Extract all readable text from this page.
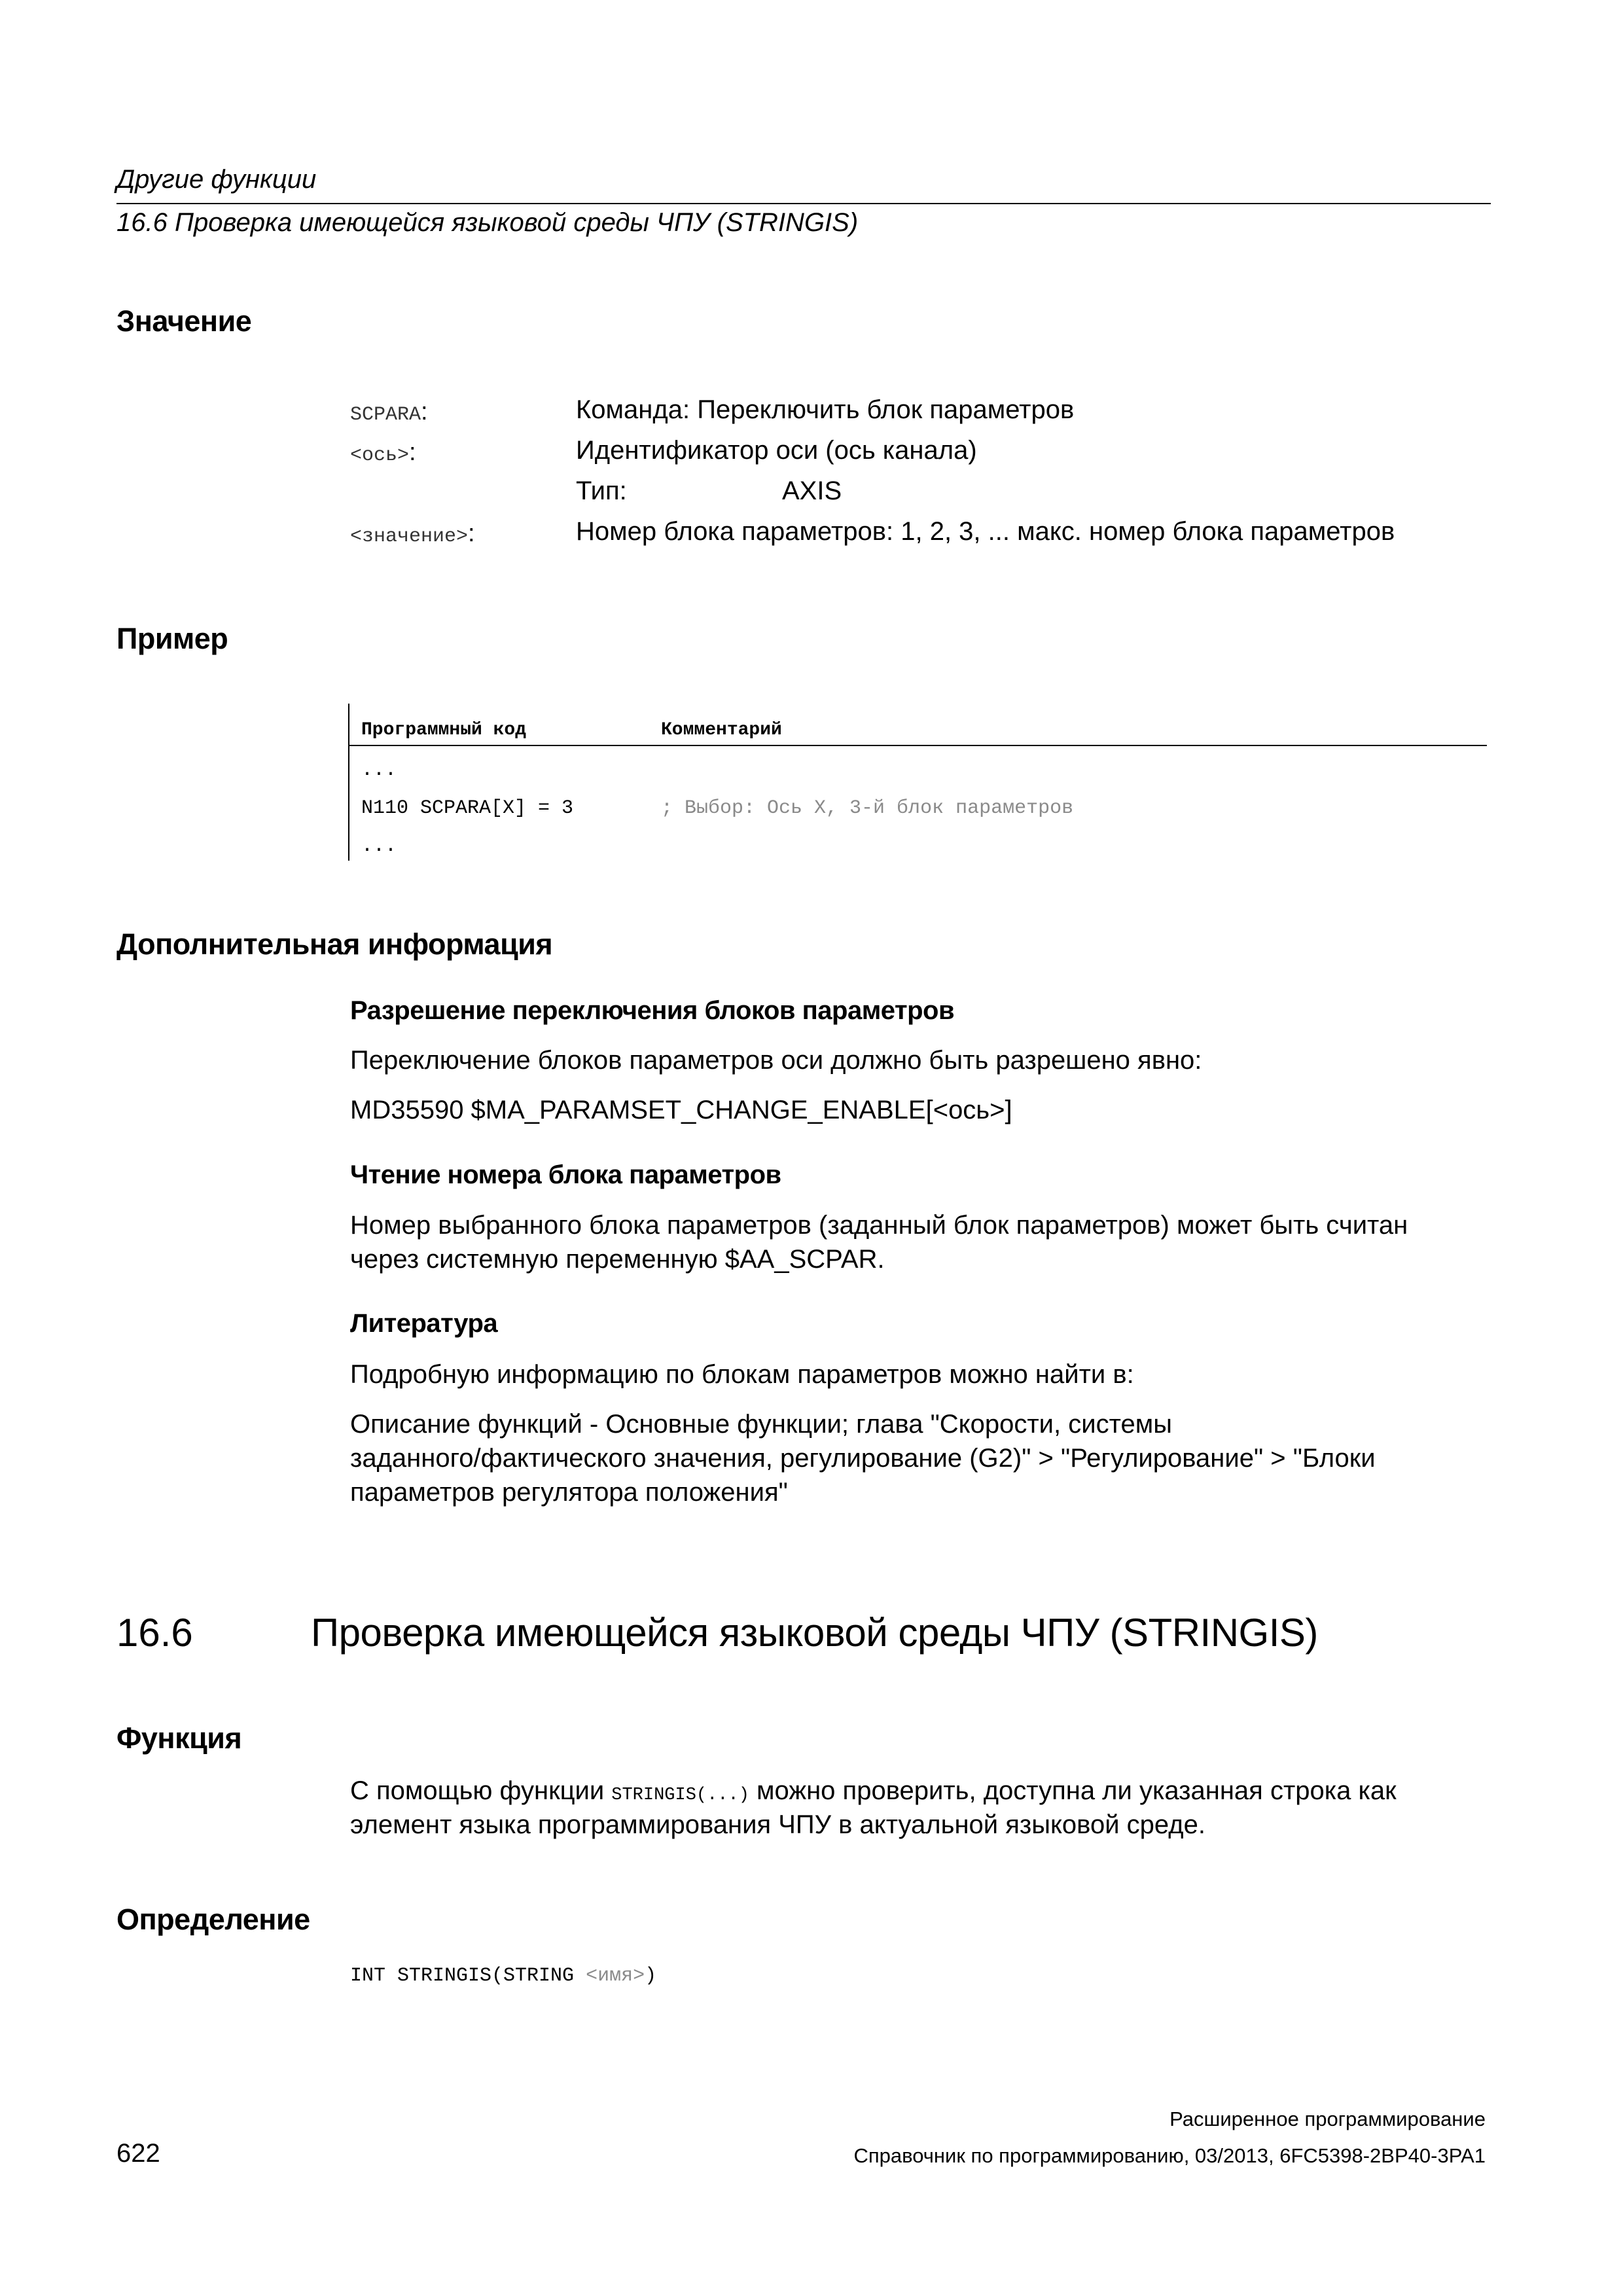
Другие функции
16.6 Проверка имеющейся языковой среды ЧПУ (STRINGIS)
Значение
SCPARA:	Команда: Переключить блок параметров
<ось>:	Идентификатор оси (ось канала)
Тип:	AXIS
<значение>:	Номер блока параметров: 1, 2, 3, ... макс. номер блока параметров
Пример
Программный код	Комментарий
...
N110 SCPARA[X] = 3	; Выбор: Ось X, 3-й блок параметров
...
Дополнительная информация
Разрешение переключения блоков параметров
Переключение блоков параметров оси должно быть разрешено явно:
MD35590 $MA_PARAMSET_CHANGE_ENABLE[<ось>]
Чтение номера блока параметров
Номер выбранного блока параметров (заданный блок параметров) может быть считан
через системную переменную $AA_SCPAR.
Литература
Подробную информацию по блокам параметров можно найти в:
Описание функций - Основные функции; глава "Скорости, системы
заданного/фактического значения, регулирование (G2)" > "Регулирование" > "Блоки
параметров регулятора положения"
16.6	Проверка имеющейся языковой среды ЧПУ (STRINGIS)
Функция
С помощью функции STRINGIS(...) можно проверить, доступна ли указанная строка как
элемент языка программирования ЧПУ в актуальной языковой среде.
Определение
INT STRINGIS(STRING <имя>)
Расширенное программирование
622	Справочник по программированию, 03/2013, 6FC5398-2BP40-3PA1
